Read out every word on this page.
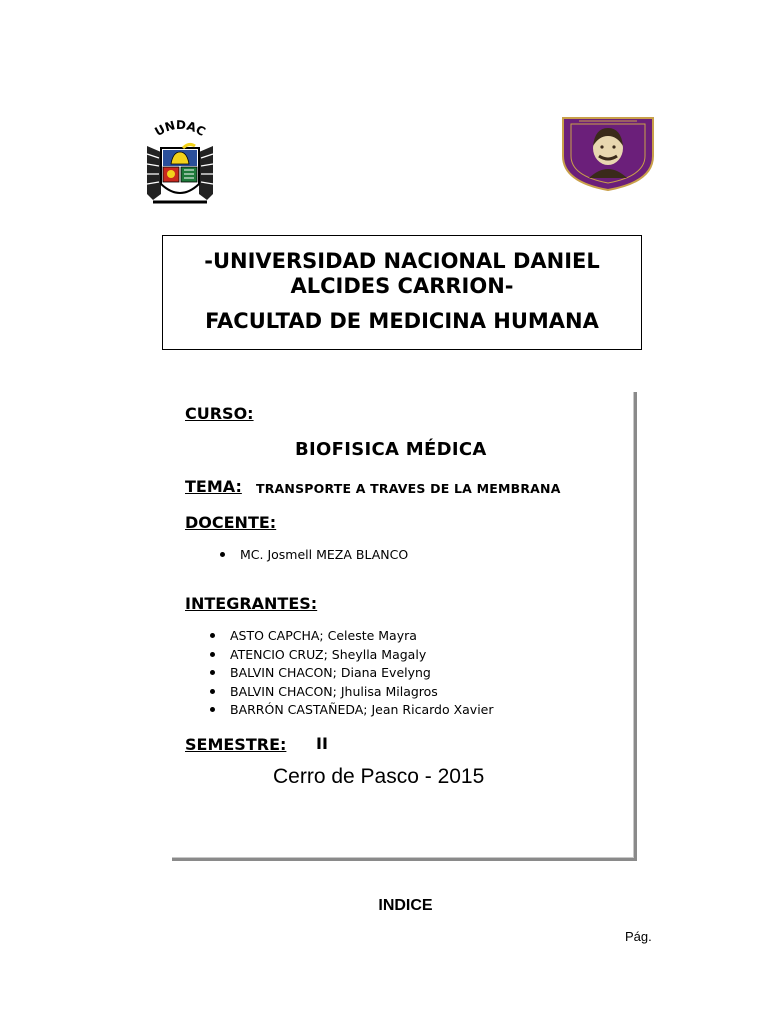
UNDAC
-UNIVERSIDAD NACIONAL DANIEL ALCIDES CARRION-
FACULTAD DE MEDICINA HUMANA
CURSO:
BIOFISICA MÉDICA
TEMA: TRANSPORTE A TRAVES DE LA MEMBRANA
DOCENTE:
MC. Josmell MEZA BLANCO
INTEGRANTES:
ASTO CAPCHA; Celeste Mayra
ATENCIO CRUZ; Sheylla Magaly
BALVIN CHACON; Diana Evelyng
BALVIN CHACON; Jhulisa Milagros
BARRÓN CASTAÑEDA; Jean Ricardo Xavier
SEMESTRE: II
Cerro de Pasco - 2015
INDICE
Pág.
